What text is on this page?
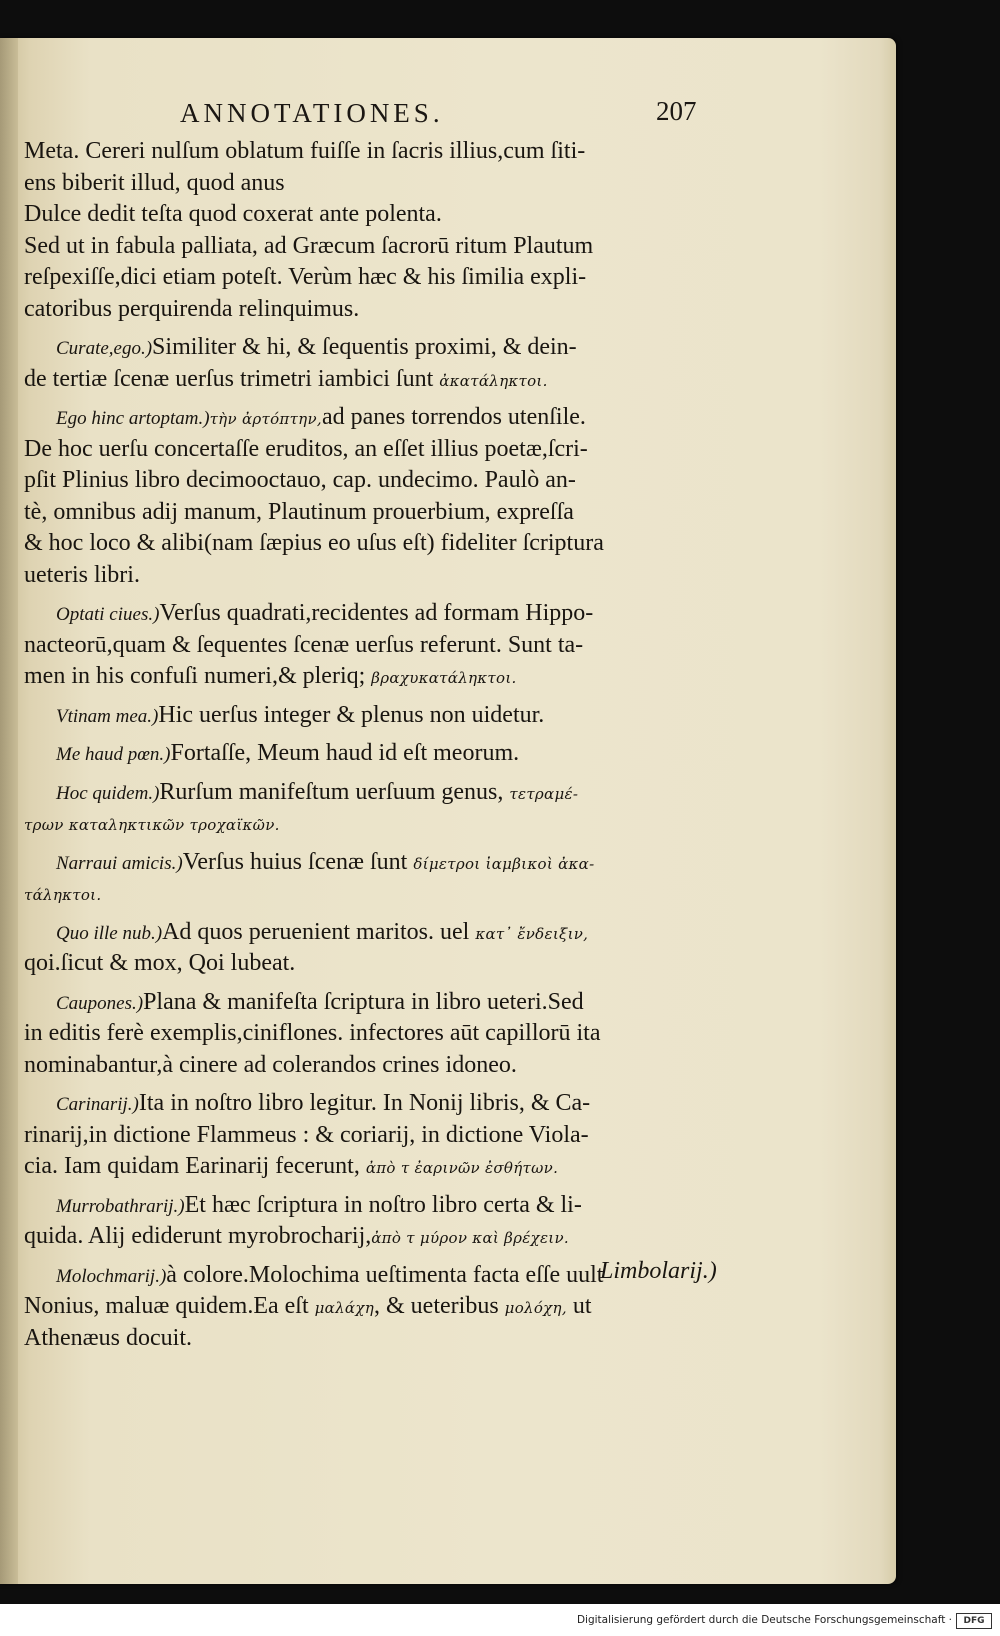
ANNOTATIONES.	207
Meta. Cereri nulſum oblatum fuiſſe in ſacris illius,cum ſiti‑
ens biberit illud, quod anus
Dulce dedit teſta quod coxerat ante polenta.
Sed ut in fabula palliata, ad Græcum ſacrorū ritum Plautum
reſpexiſſe,dici etiam poteſt. Verùm hæc & his ſimilia expli‑
catoribus perquirenda relinquimus.
Curate,ego.)Similiter & hi, & ſequentis proximi, & dein‑
de tertiæ ſcenæ uerſus trimetri iambici ſunt ἀκατάληκτοι.
Ego hinc artoptam.)τὴν ἀρτόπτην,ad panes torrendos utenſile.
De hoc uerſu concertaſſe eruditos, an eſſet illius poetæ,ſcri‑
pſit Plinius libro decimooctauo, cap. undecimo. Paulò an‑
tè, omnibus adij manum, Plautinum prouerbium, expreſſa
& hoc loco & alibi(nam ſæpius eo uſus eſt) fideliter ſcriptura
ueteris libri.
Optati ciues.)Verſus quadrati,recidentes ad formam Hippo‑
nacteorū,quam & ſequentes ſcenæ uerſus referunt. Sunt ta‑
men in his confuſi numeri,& pleriq; βραχυκατάληκτοι.
Vtinam mea.)Hic uerſus integer & plenus non uidetur.
Me haud pœn.)Fortaſſe, Meum haud id eſt meorum.
Hoc quidem.)Rurſum manifeſtum uerſuum genus, τετραμέ‑
τρων καταληκτικῶν τροχαϊκῶν.
Narraui amicis.)Verſus huius ſcenæ ſunt δίμετροι ἰαμβικοὶ ἀκα‑
τάληκτοι.
Quo ille nub.)Ad quos peruenient maritos. uel κατ᾽ ἔνδειξιν,
qoi.ſicut & mox, Qoi lubeat.
Caupones.)Plana & manifeſta ſcriptura in libro ueteri.Sed
in editis ferè exemplis,ciniflones. infectores aūt capillorū ita
nominabantur,à cinere ad colerandos crines idoneo.
Carinarij.)Ita in noſtro libro legitur. In Nonij libris, & Ca‑
rinarij,in dictione Flammeus : & coriarij, in dictione Viola‑
cia. Iam quidam Earinarij fecerunt, ἀπὸ τ ἐαρινῶν ἐσθήτων.
Murrobathrarij.)Et hæc ſcriptura in noſtro libro certa & li‑
quida. Alij ediderunt myrobrocharij,ἀπὸ τ μύρον καὶ βρέχειν.
Molochmarij.)à colore.Molochima ueſtimenta facta eſſe uult
Nonius, maluæ quidem.Ea eſt μαλάχη, & ueteribus μολόχη, ut
Athenæus docuit.
Limbolarij.)
Digitalisierung gefördert durch die Deutsche Forschungsgemeinschaft ·	DFG
